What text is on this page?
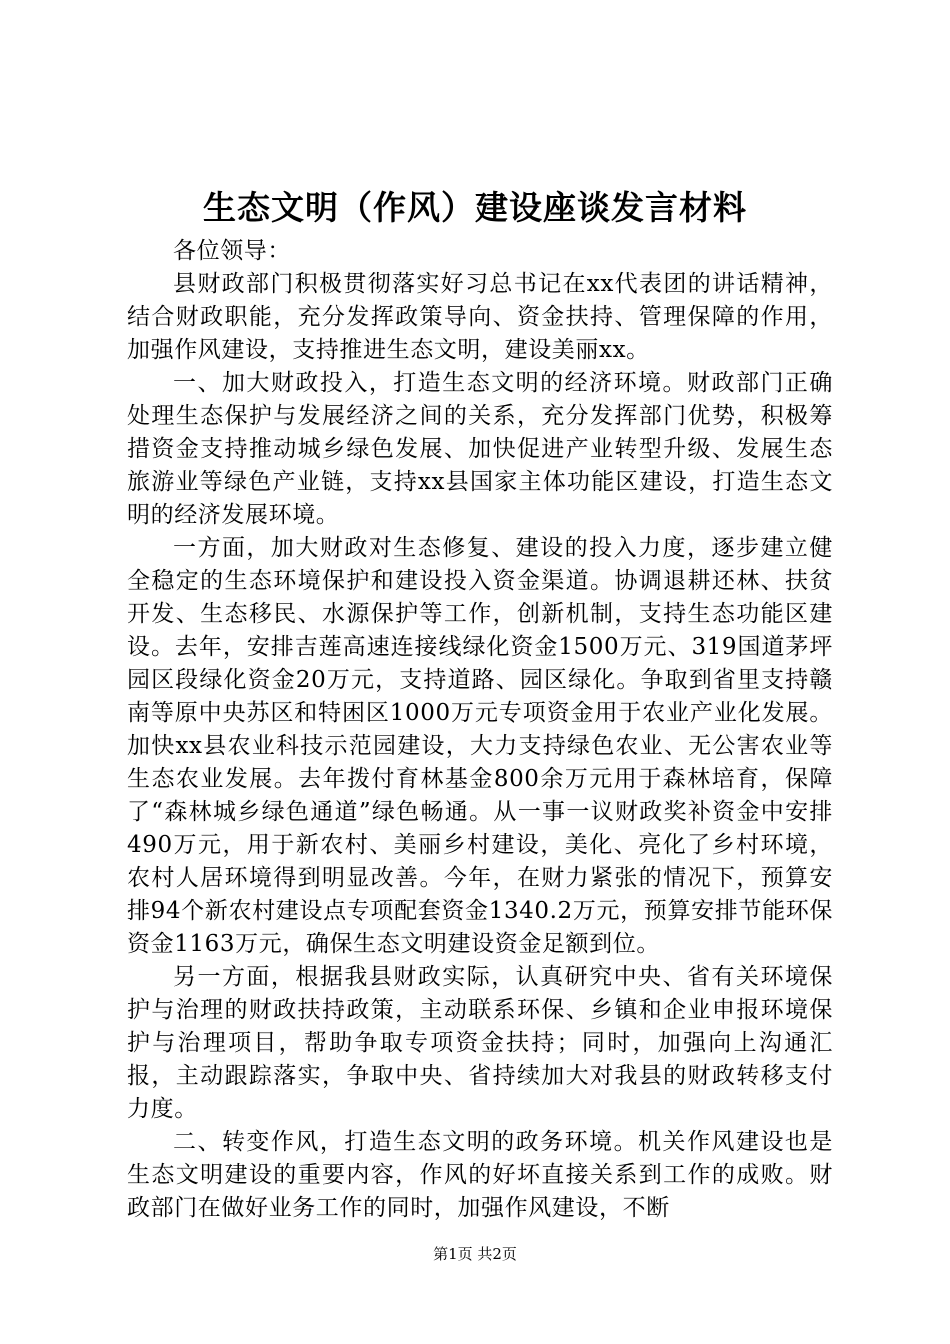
生态文明（作风）建设座谈发言材料

各位领导：

县财政部门积极贯彻落实好习总书记在xx代表团的讲话精神，结合财政职能，充分发挥政策导向、资金扶持、管理保障的作用，加强作风建设，支持推进生态文明，建设美丽xx。

一、加大财政投入，打造生态文明的经济环境。财政部门正确处理生态保护与发展经济之间的关系，充分发挥部门优势，积极筹措资金支持推动城乡绿色发展、加快促进产业转型升级、发展生态旅游业等绿色产业链，支持xx县国家主体功能区建设，打造生态文明的经济发展环境。

一方面，加大财政对生态修复、建设的投入力度，逐步建立健全稳定的生态环境保护和建设投入资金渠道。协调退耕还林、扶贫开发、生态移民、水源保护等工作，创新机制，支持生态功能区建设。去年，安排吉莲高速连接线绿化资金1500万元、319国道茅坪园区段绿化资金20万元，支持道路、园区绿化。争取到省里支持赣南等原中央苏区和特困区1000万元专项资金用于农业产业化发展。加快xx县农业科技示范园建设，大力支持绿色农业、无公害农业等生态农业发展。去年拨付育林基金800余万元用于森林培育，保障了“森林城乡绿色通道”绿色畅通。从一事一议财政奖补资金中安排490万元，用于新农村、美丽乡村建设，美化、亮化了乡村环境，农村人居环境得到明显改善。今年，在财力紧张的情况下，预算安排94个新农村建设点专项配套资金1340.2万元，预算安排节能环保资金1163万元，确保生态文明建设资金足额到位。

另一方面，根据我县财政实际，认真研究中央、省有关环境保护与治理的财政扶持政策，主动联系环保、乡镇和企业申报环境保护与治理项目，帮助争取专项资金扶持；同时，加强向上沟通汇报，主动跟踪落实，争取中央、省持续加大对我县的财政转移支付力度。

二、转变作风，打造生态文明的政务环境。机关作风建设也是生态文明建设的重要内容，作风的好坏直接关系到工作的成败。财政部门在做好业务工作的同时，加强作风建设，不断

第1页 共2页
